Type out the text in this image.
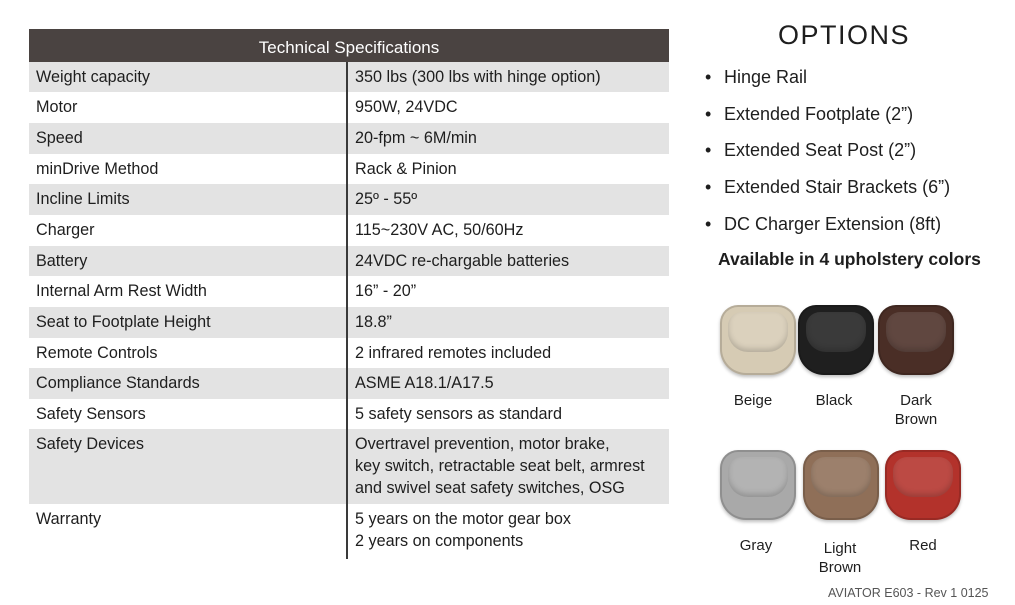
Technical Specifications
Weight capacity	350 lbs (300 lbs with hinge option)
Motor	950W, 24VDC
Speed	20-fpm ~ 6M/min
minDrive Method	Rack & Pinion
Incline Limits	25º - 55º
Charger	115~230V AC, 50/60Hz
Battery	24VDC re-chargable batteries
Internal Arm Rest Width	16” - 20”
Seat to Footplate Height	18.8”
Remote Controls	2 infrared remotes included
Compliance Standards	ASME A18.1/A17.5
Safety Sensors	5 safety sensors as standard
Safety Devices	Overtravel prevention, motor brake,
key switch, retractable seat belt, armrest
and swivel seat safety switches, OSG
Warranty	5 years on the motor gear box
2 years on components
OPTIONS
• Hinge Rail
• Extended Footplate (2”)
• Extended Seat Post (2”)
• Extended Stair Brackets (6”)
• DC Charger Extension (8ft)
Available in 4 upholstery colors
Beige	Black	Dark
Brown
Gray	Light
Brown
Red
AVIATOR E603 - Rev 1 0125
